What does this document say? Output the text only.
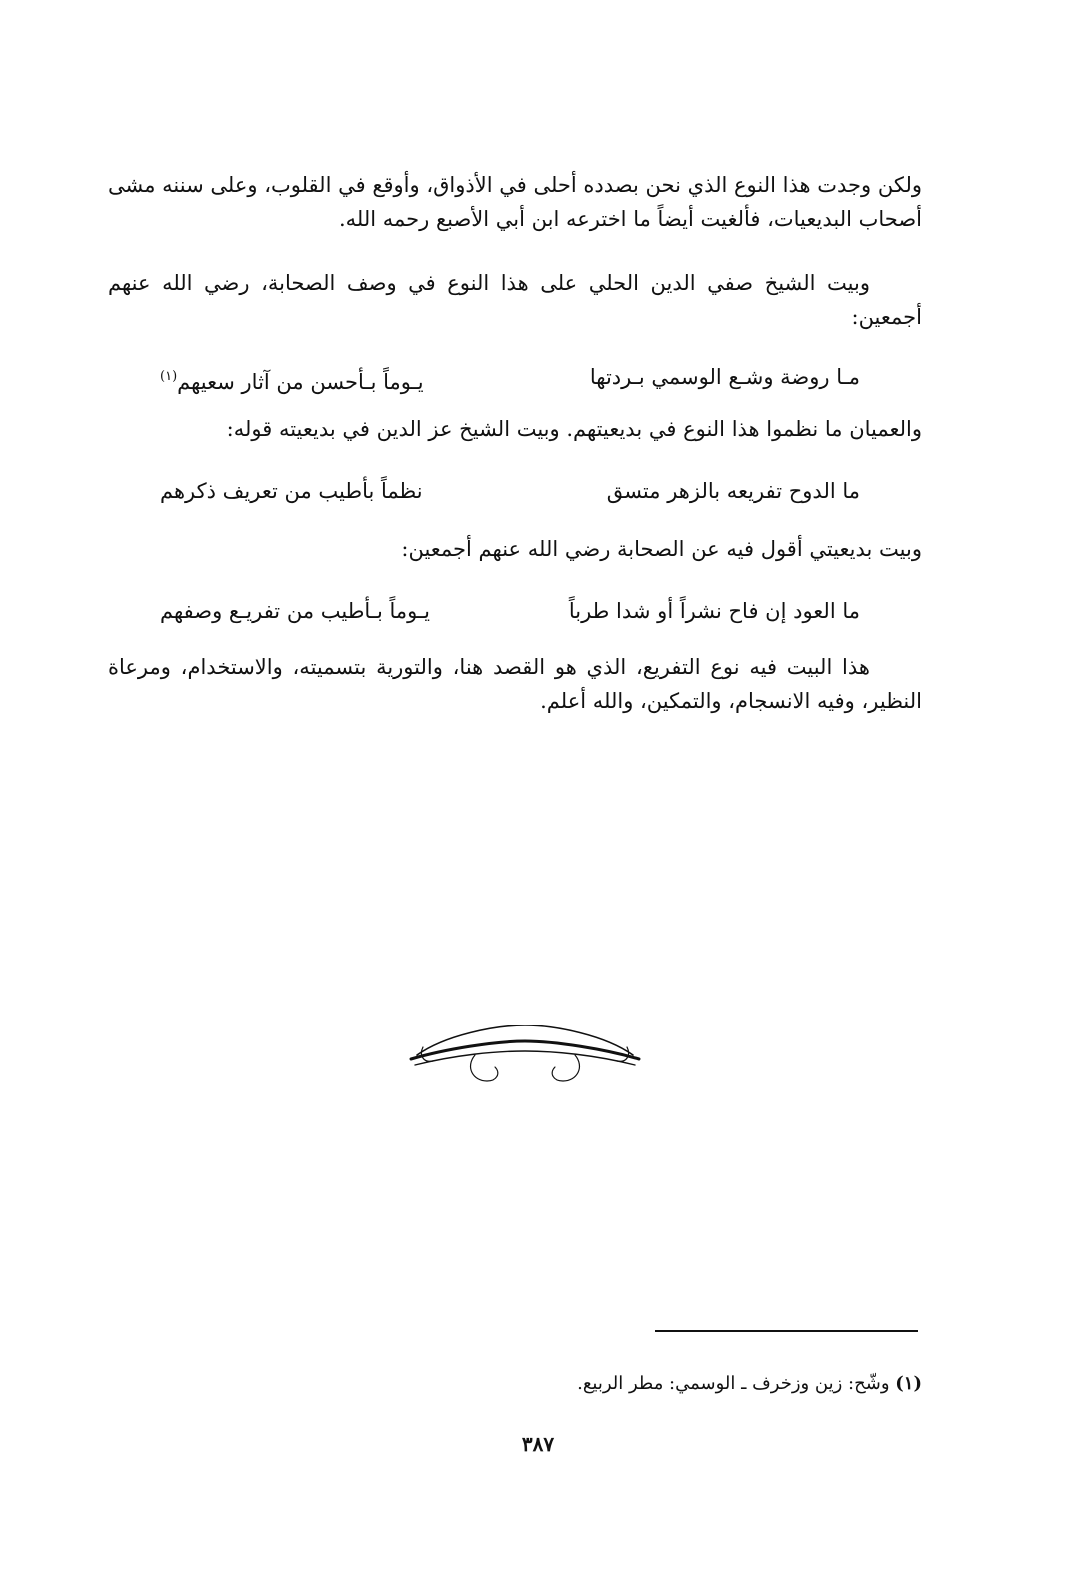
ولكن وجدت هذا النوع الذي نحن بصدده أحلى في الأذواق، وأوقع في القلوب، وعلى سننه مشى أصحاب البديعيات، فألغيت أيضاً ما اخترعه ابن أبي الأصبع رحمه الله.

وبيت الشيخ صفي الدين الحلي على هذا النوع في وصف الصحابة، رضي الله عنهم أجمعين:

مـا روضة وشـع الوسمي بـردتها
يـوماً بـأحسن من آثار سعيهم$^{(١)}$

والعميان ما نظموا هذا النوع في بديعيتهم. وبيت الشيخ عز الدين في بديعيته قوله:

ما الدوح تفريعه بالزهر متسق
نظماً بأطيب من تعريف ذكرهم

وبيت بديعيتي أقول فيه عن الصحابة رضي الله عنهم أجمعين:

ما العود إن فاح نشراً أو شدا طرباً
يـوماً بـأطيب من تفريـع وصفهم

هذا البيت فيه نوع التفريع، الذي هو القصد هنا، والتورية بتسميته، والاستخدام، ومرعاة النظير، وفيه الانسجام، والتمكين، والله أعلم.

(١) وشّح: زين وزخرف ـ الوسمي: مطر الربيع.
٣٨٧
